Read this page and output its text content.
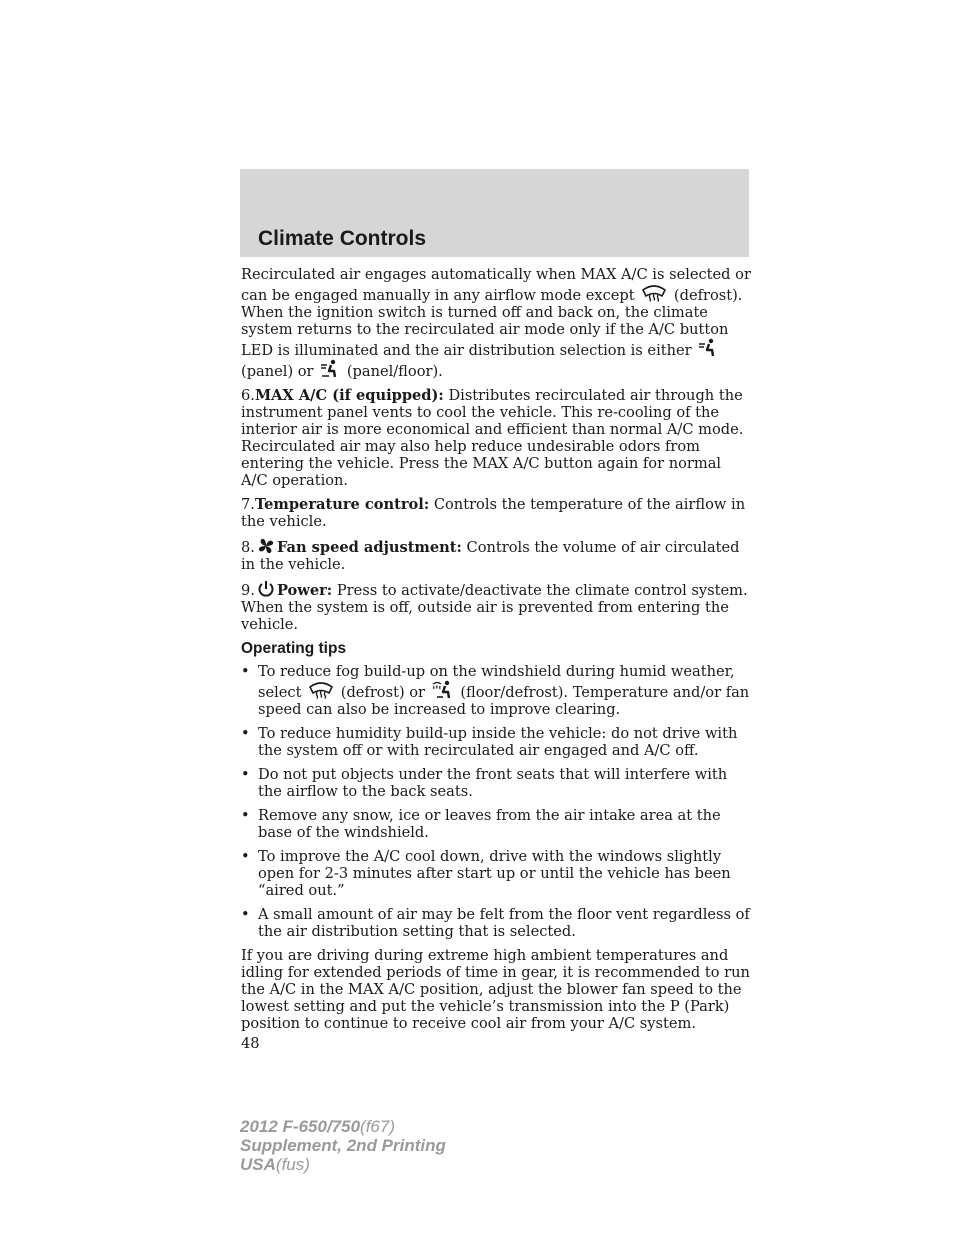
Climate Controls

Recirculated air engages automatically when MAX A/C is selected or can be engaged manually in any airflow mode except	(defrost). When the ignition switch is turned off and back on, the climate system returns to the recirculated air mode only if the A/C button LED is illuminated and the air distribution selection is either  (panel) or (panel/floor).

6.MAX A/C (if equipped): Distributes recirculated air through the instrument panel vents to cool the vehicle. This re-cooling of the interior air is more economical and efficient than normal A/C mode. Recirculated air may also help reduce undesirable odors from entering the vehicle. Press the MAX A/C button again for normal A/C operation.

7.Temperature control: Controls the temperature of the airflow in the vehicle.

8. Fan speed adjustment: Controls the volume of air circulated in the vehicle.

9. Power: Press to activate/deactivate the climate control system.
When the system is off, outside air is prevented from entering the vehicle.

Operating tips
• To reduce fog build-up on the windshield during humid weather, select	(defrost) or (floor/defrost). Temperature and/or fan speed can also be increased to improve clearing.
• To reduce humidity build-up inside the vehicle: do not drive with the system off or with recirculated air engaged and A/C off.
• Do not put objects under the front seats that will interfere with the airflow to the back seats.
• Remove any snow, ice or leaves from the air intake area at the base of the windshield.
• To improve the A/C cool down, drive with the windows slightly open for 2-3 minutes after start up or until the vehicle has been “aired out.”
• A small amount of air may be felt from the floor vent regardless of the air distribution setting that is selected.

If you are driving during extreme high ambient temperatures and idling for extended periods of time in gear, it is recommended to run the A/C in the MAX A/C position, adjust the blower fan speed to the lowest setting and put the vehicle’s transmission into the P (Park) position to continue to receive cool air from your A/C system.

48
2012 F-650/750(f67)
Supplement, 2nd Printing
USA(fus)
